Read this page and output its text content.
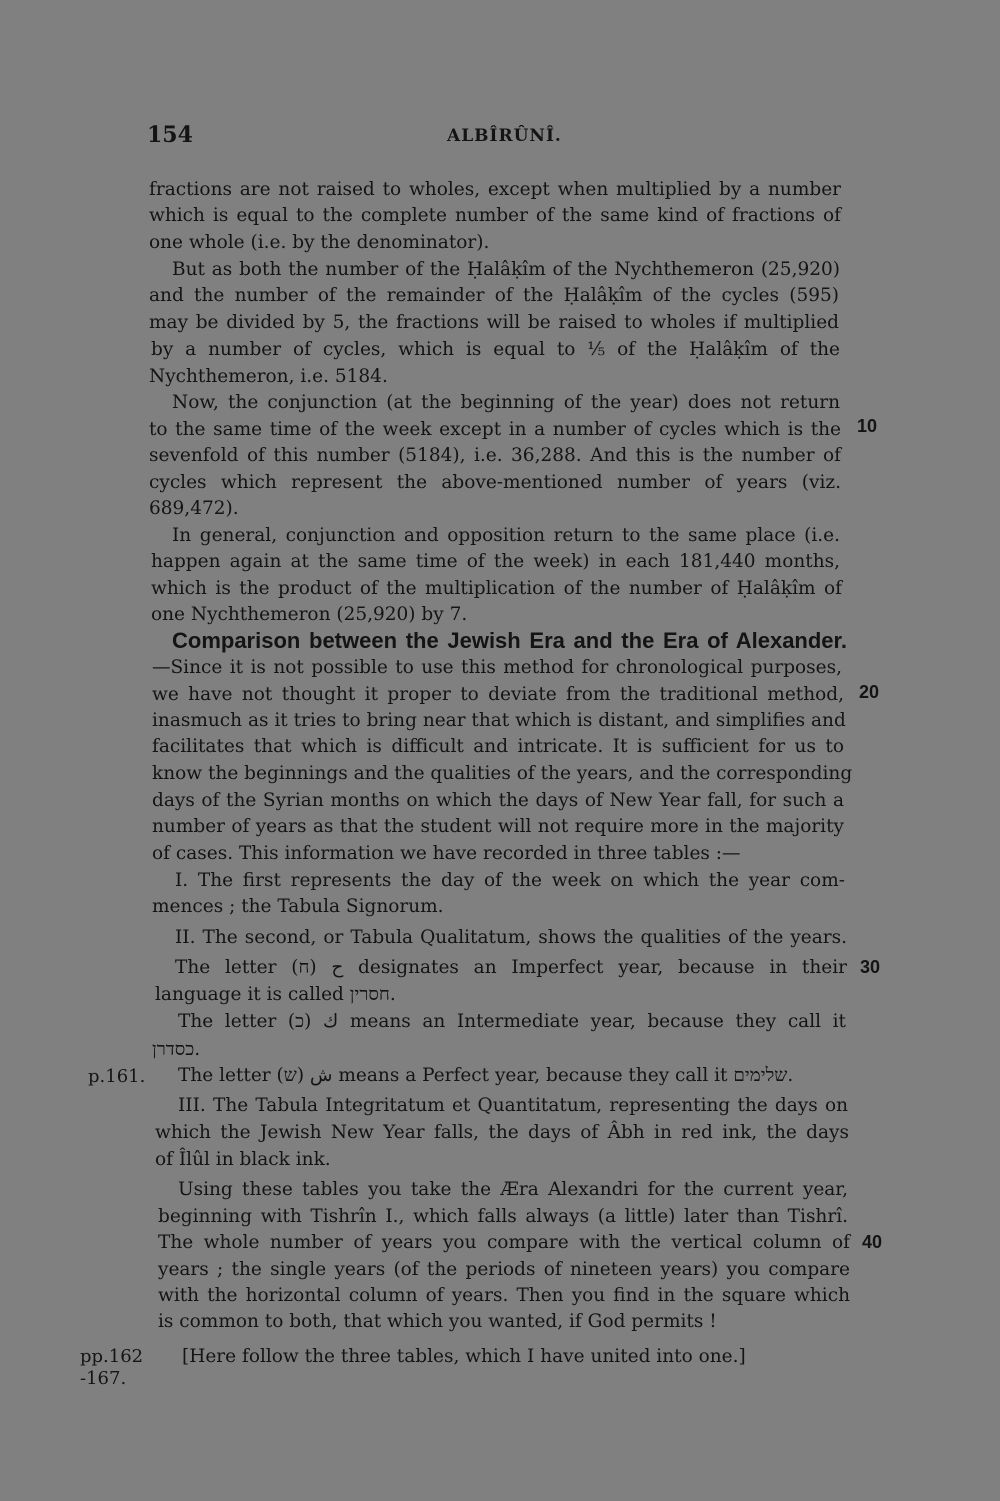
154	ALBÎRÛNÎ.
fractions are not raised to wholes, except when multiplied by a number
which is equal to the complete number of the same kind of fractions of
one whole (i.e. by the denominator).
But as both the number of the Ḥalâḳîm of the Nychthemeron (25,920)
and the number of the remainder of the Ḥalâḳîm of the cycles (595)
may be divided by 5, the fractions will be raised to wholes if multiplied
by a number of cycles, which is equal to ⅕ of the Ḥalâḳîm of the
Nychthemeron, i.e. 5184.
Now, the conjunction (at the beginning of the year) does not return
to the same time of the week except in a number of cycles which is the
sevenfold of this number (5184), i.e. 36,288. And this is the number of
cycles which represent the above-mentioned number of years (viz.
689,472).
In general, conjunction and opposition return to the same place (i.e.
happen again at the same time of the week) in each 181,440 months,
which is the product of the multiplication of the number of Ḥalâḳîm of
one Nychthemeron (25,920) by 7.
Comparison between the Jewish Era and the Era of Alexander.
—Since it is not possible to use this method for chronological purposes,
we have not thought it proper to deviate from the traditional method,
inasmuch as it tries to bring near that which is distant, and simplifies and
facilitates that which is difficult and intricate. It is sufficient for us to
know the beginnings and the qualities of the years, and the corresponding
days of the Syrian months on which the days of New Year fall, for such a
number of years as that the student will not require more in the majority
of cases. This information we have recorded in three tables :—
I. The first represents the day of the week on which the year com-
mences ; the Tabula Signorum.
II. The second, or Tabula Qualitatum, shows the qualities of the years.
The letter ح (ח) designates an Imperfect year, because in their
language it is called חסרין.
The letter ك (כ) means an Intermediate year, because they call it
כסדרן.
The letter ش (ש) means a Perfect year, because they call it שלימים.
III. The Tabula Integritatum et Quantitatum, representing the days on
which the Jewish New Year falls, the days of Âbh in red ink, the days
of Îlûl in black ink.
Using these tables you take the Æra Alexandri for the current year,
beginning with Tishrîn I., which falls always (a little) later than Tishrî.
The whole number of years you compare with the vertical column of
years ; the single years (of the periods of nineteen years) you compare
with the horizontal column of years. Then you find in the square which
is common to both, that which you wanted, if God permits !
[Here follow the three tables, which I have united into one.]
10
20
30
40
p.161.
pp.162
-167.
